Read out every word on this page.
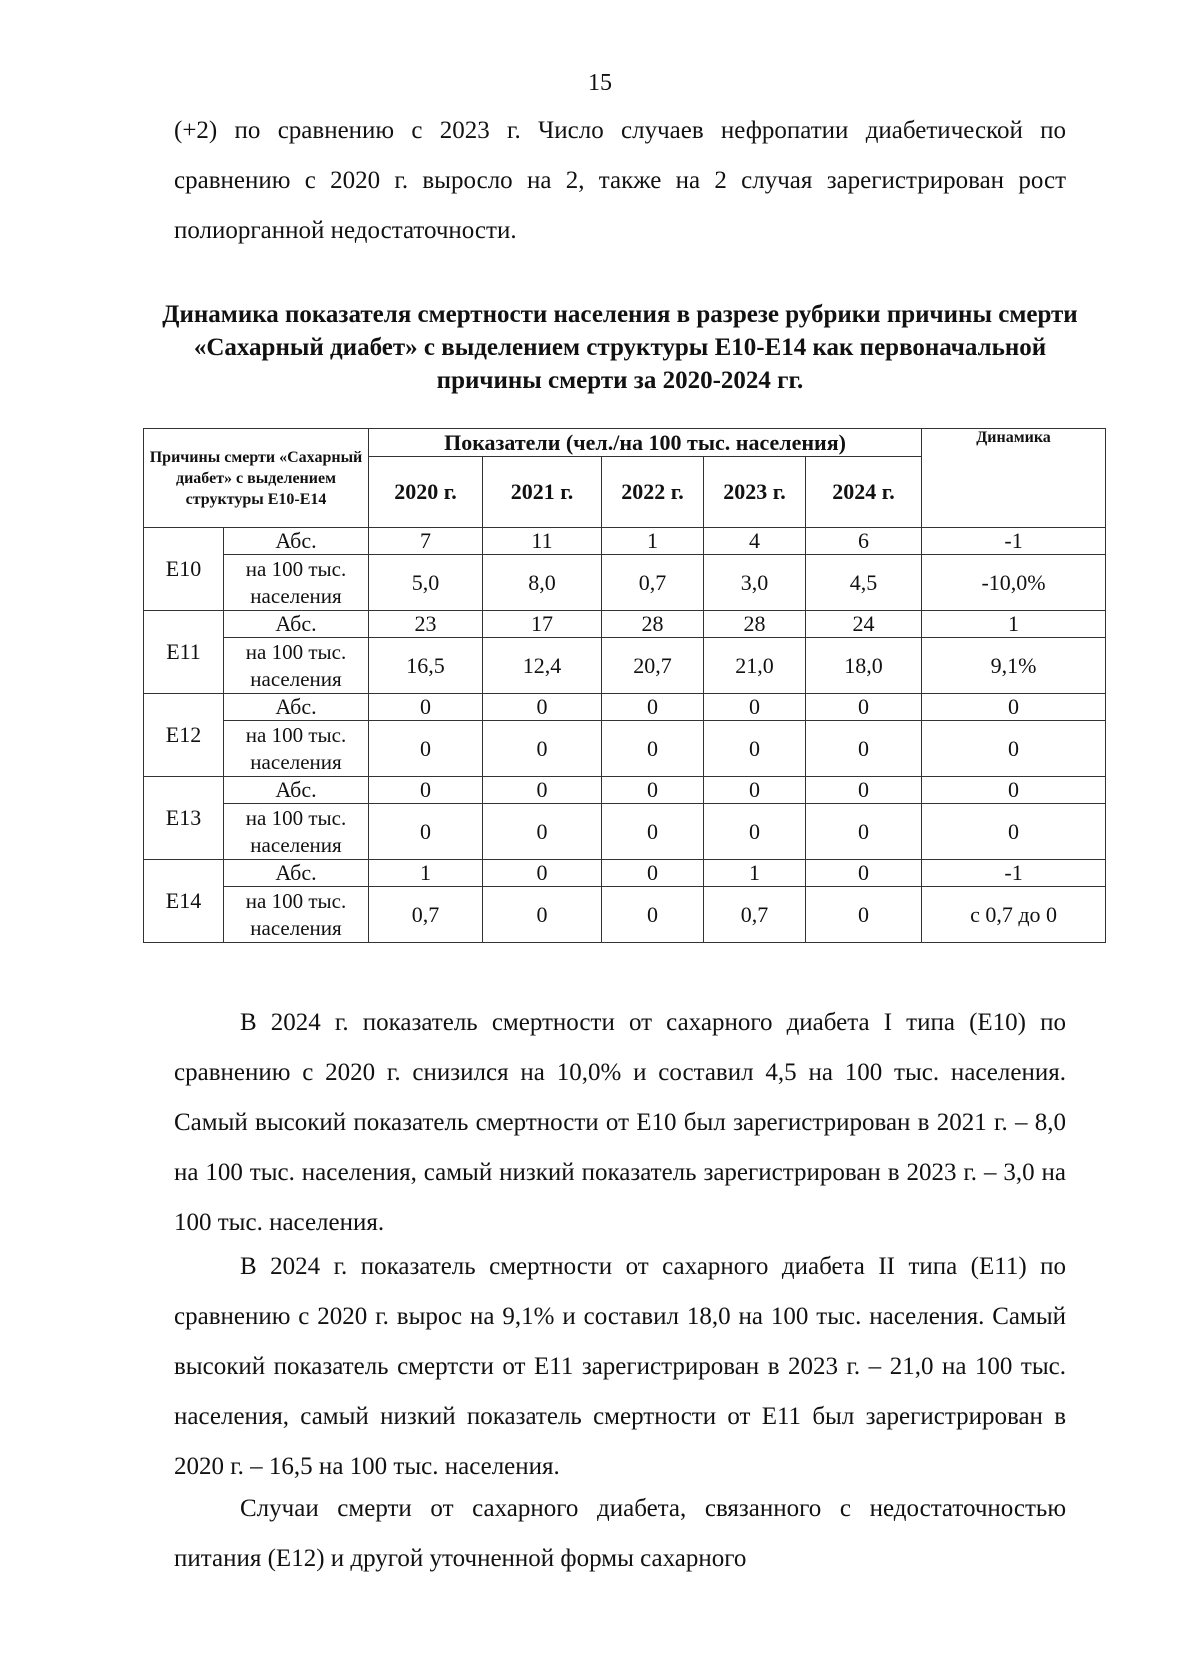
15

(+2) по сравнению с 2023 г. Число случаев нефропатии диабетической по сравнению с 2020 г. выросло на 2, также на 2 случая зарегистрирован рост полиорганной недостаточности.

Динамика показателя смертности населения в разрезе рубрики причины смерти «Сахарный диабет» с выделением структуры Е10-Е14 как первоначальной причины смерти за 2020-2024 гг.
Причины смерти «Сахарный диабет» с выделением структуры Е10-Е14		Показатели (чел./на 100 тыс. населения)					Динамика
		2020 г.	2021 г.	2022 г.	2023 г.	2024 г.	
Е10	Абс.	7	11	1	4	6	-1
	на 100 тыс. населения	5,0	8,0	0,7	3,0	4,5	-10,0%
Е11	Абс.	23	17	28	28	24	1
	на 100 тыс. населения	16,5	12,4	20,7	21,0	18,0	9,1%
Е12	Абс.	0	0	0	0	0	0
	на 100 тыс. населения	0	0	0	0	0	0
Е13	Абс.	0	0	0	0	0	0
	на 100 тыс. населения	0	0	0	0	0	0
Е14	Абс.	1	0	0	1	0	-1
	на 100 тыс. населения	0,7	0	0	0,7	0	с 0,7 до 0

В 2024 г. показатель смертности от сахарного диабета I типа (Е10) по сравнению с 2020 г. снизился на 10,0% и составил 4,5 на 100 тыс. населения. Самый высокий показатель смертности от Е10 был зарегистрирован в 2021 г. – 8,0 на 100 тыс. населения, самый низкий показатель зарегистрирован в 2023 г. – 3,0 на 100 тыс. населения.

В 2024 г. показатель смертности от сахарного диабета II типа (Е11) по сравнению с 2020 г. вырос на 9,1% и составил 18,0 на 100 тыс. населения. Самый высокий показатель смертсти от Е11 зарегистрирован в 2023 г. – 21,0 на 100 тыс. населения, самый низкий показатель смертности от Е11 был зарегистрирован в 2020 г. – 16,5 на 100 тыс. населения.

Случаи смерти от сахарного диабета, связанного с недостаточностью питания (Е12) и другой уточненной формы сахарного
